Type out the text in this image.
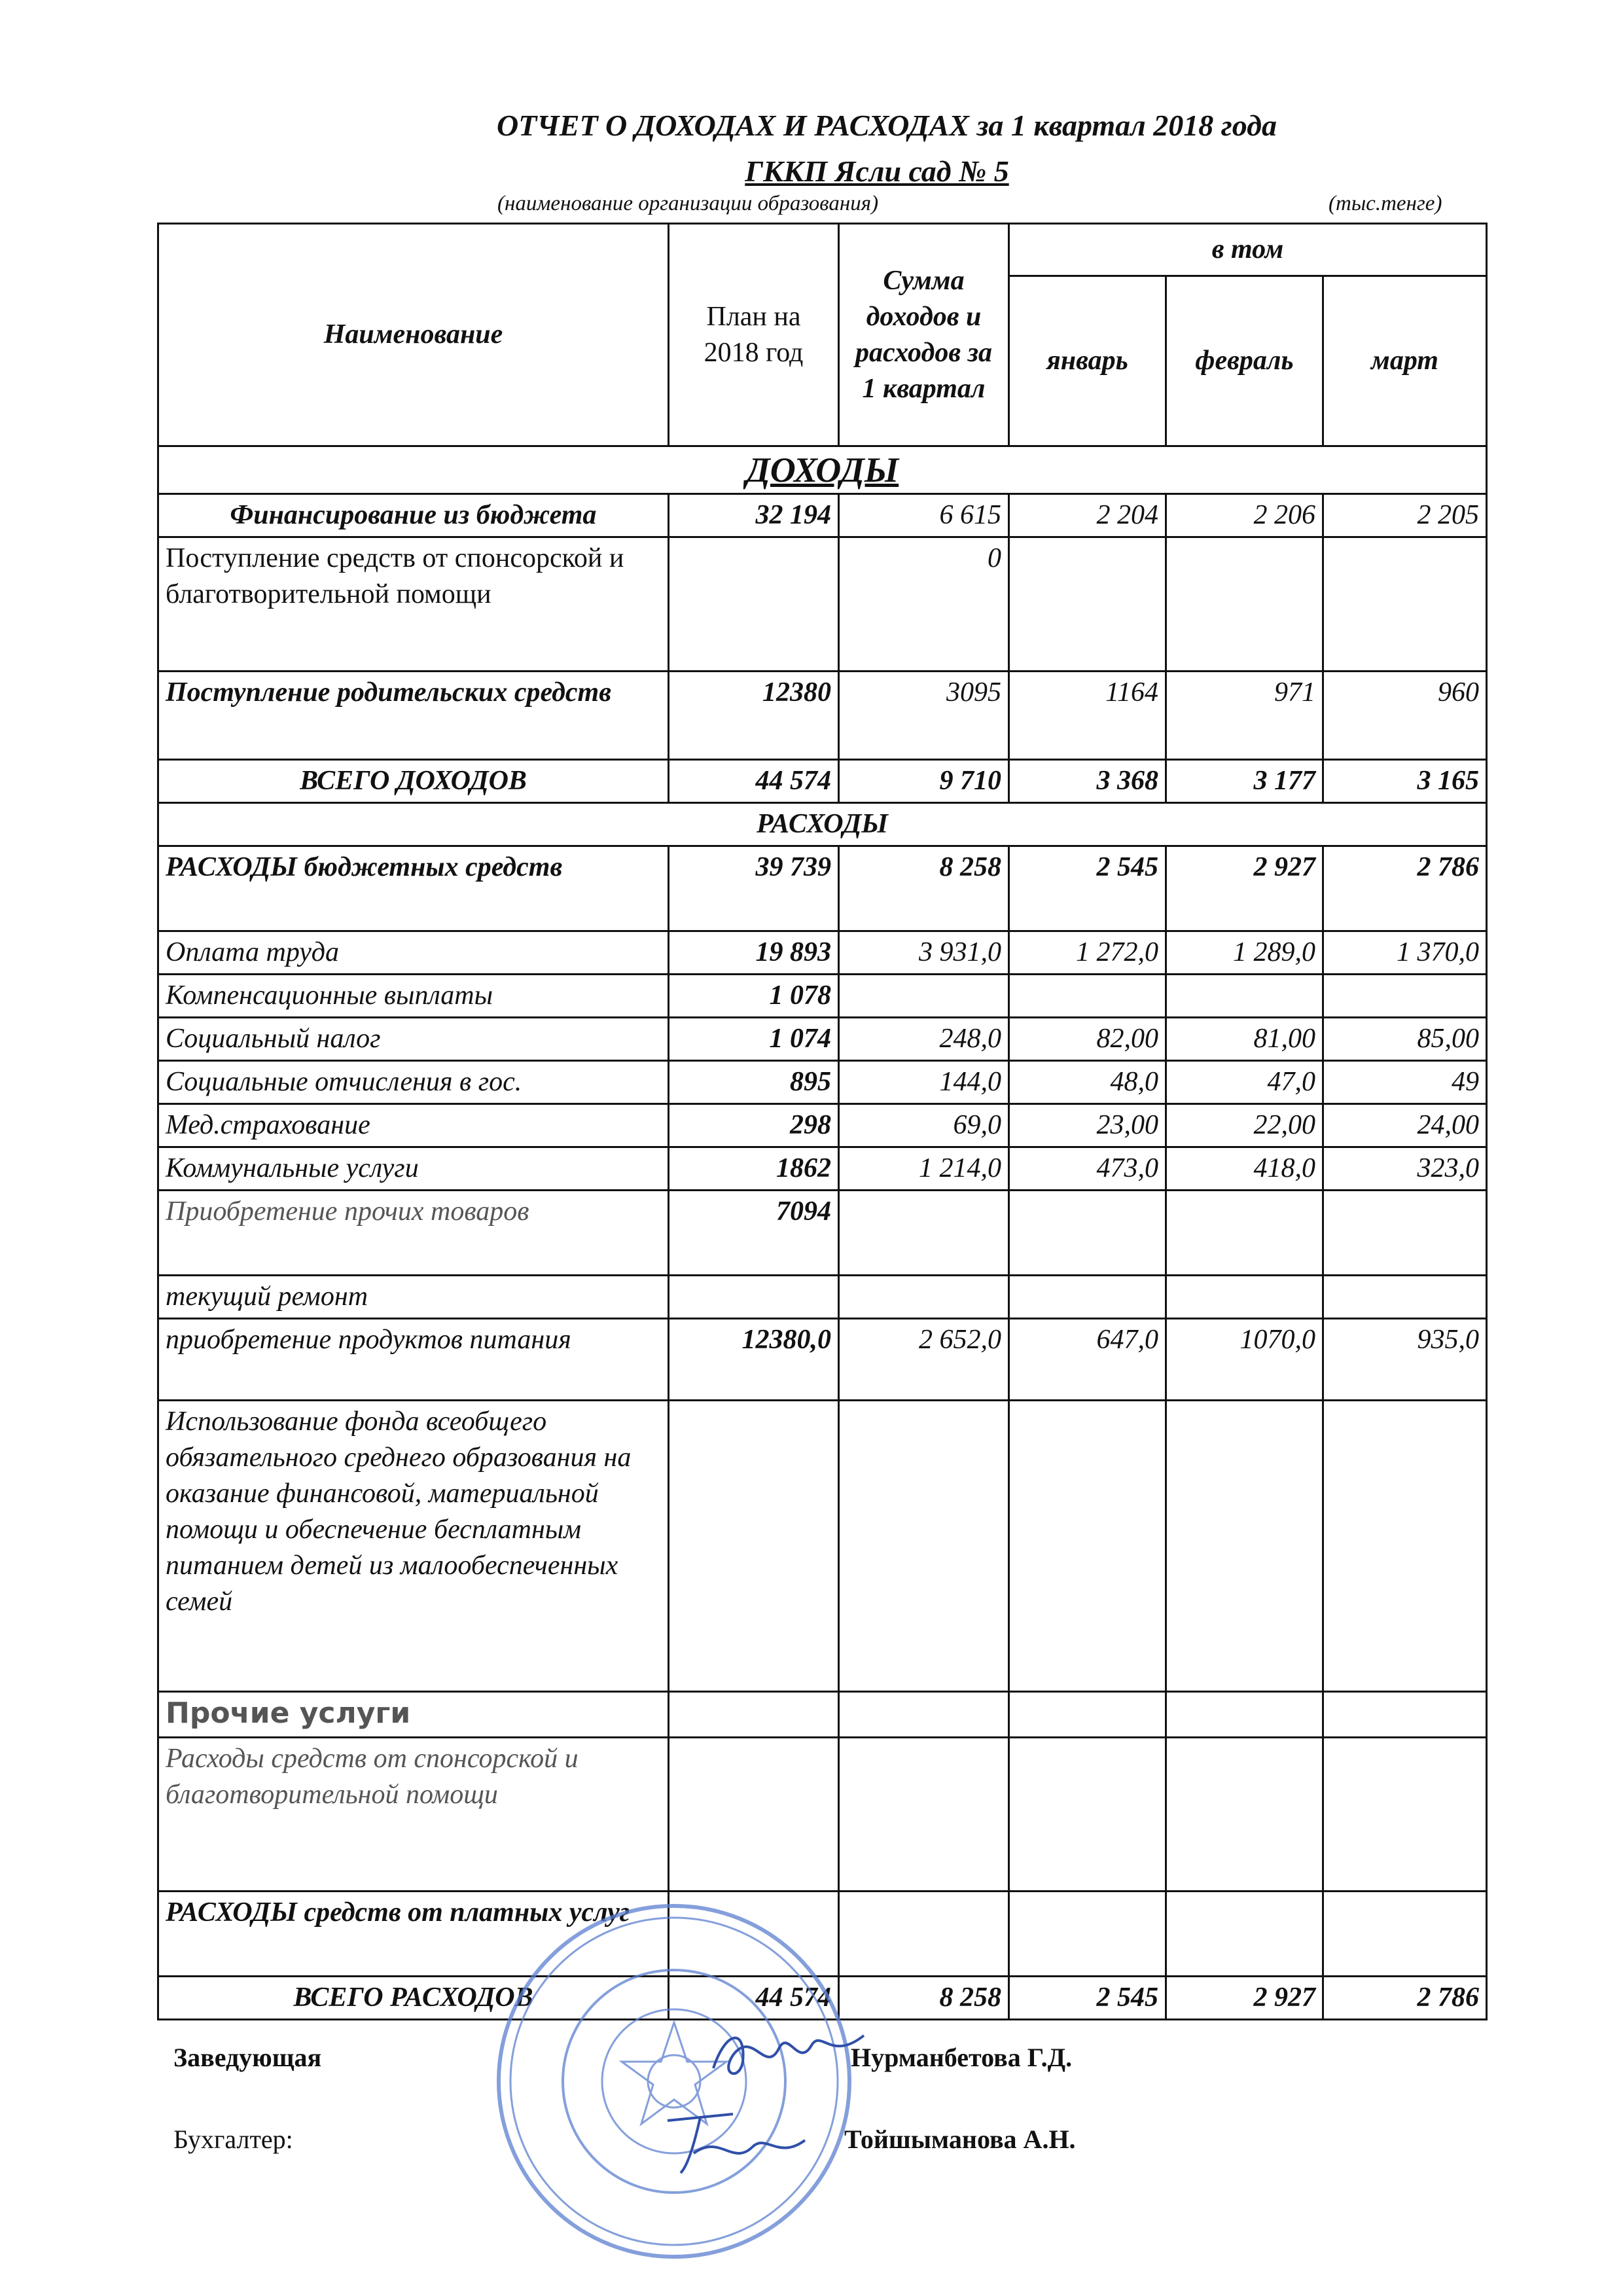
ОТЧЕТ О ДОХОДАХ И РАСХОДАХ за 1 квартал 2018 года
ГККП Ясли сад № 5
(наименование организации образования)	(тыс.тенге)
Наименование	План на 2018 год	Сумма доходов и расходов за 1 квартал	в том		
			январь	февраль	март
ДОХОДЫ					
Финансирование из бюджета	32 194	6 615	2 204	2 206	2 205
Поступление средств от спонсорской и благотворительной помощи		0			
Поступление родительских средств	12380	3095	1164	971	960
ВСЕГО ДОХОДОВ	44 574	9 710	3 368	3 177	3 165
РАСХОДЫ					
РАСХОДЫ бюджетных средств	39 739	8 258	2 545	2 927	2 786
Оплата труда	19 893	3 931,0	1 272,0	1 289,0	1 370,0
Компенсационные выплаты	1 078				
Социальный налог	1 074	248,0	82,00	81,00	85,00
Социальные отчисления в гос.	895	144,0	48,0	47,0	49
Мед.страхование	298	69,0	23,00	22,00	24,00
Коммунальные услуги	1862	1 214,0	473,0	418,0	323,0
Приобретение прочих товаров	7094				
текущий ремонт					
приобретение продуктов питания	12380,0	2 652,0	647,0	1070,0	935,0
Использование фонда всеобщего обязательного среднего образования на оказание финансовой, материальной помощи и обеспечение бесплатным питанием детей из малообеспеченных семей					
Прочие услуги					
Расходы средств от спонсорской и благотворительной помощи					
РАСХОДЫ средств от платных услуг					
ВСЕГО РАСХОДОВ	44 574	8 258	2 545	2 927	2 786
Заведующая	Нурманбетова Г.Д.
Бухгалтер:	Тойшыманова А.Н.
